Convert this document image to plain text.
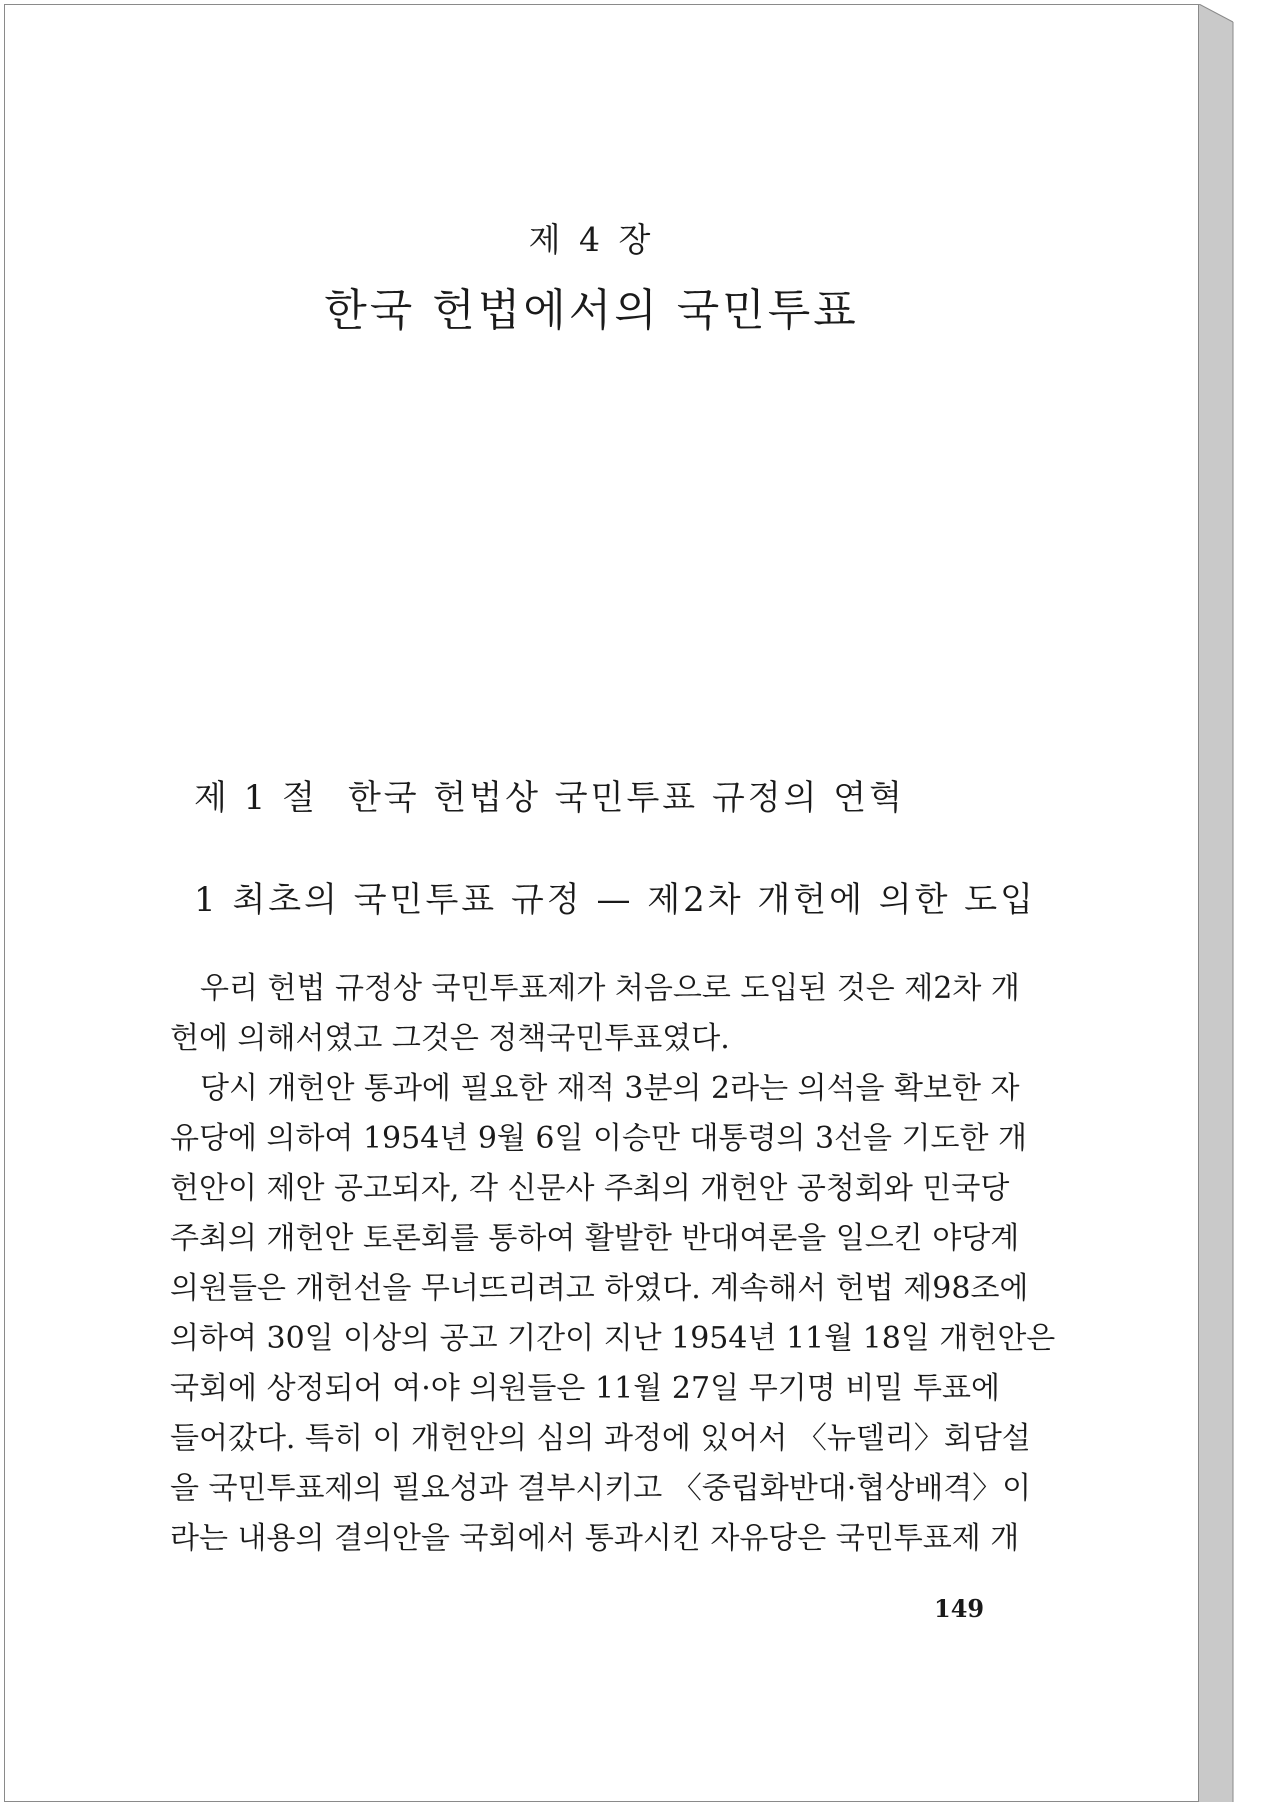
제 4 장
한국 헌법에서의 국민투표
제 1 절 한국 헌법상 국민투표 규정의 연혁
1 최초의 국민투표 규정 — 제2차 개헌에 의한 도입
우리 헌법 규정상 국민투표제가 처음으로 도입된 것은 제2차 개
헌에 의해서였고 그것은 정책국민투표였다.
당시 개헌안 통과에 필요한 재적 3분의 2라는 의석을 확보한 자
유당에 의하여 1954년 9월 6일 이승만 대통령의 3선을 기도한 개
헌안이 제안 공고되자, 각 신문사 주최의 개헌안 공청회와 민국당
주최의 개헌안 토론회를 통하여 활발한 반대여론을 일으킨 야당계
의원들은 개헌선을 무너뜨리려고 하였다. 계속해서 헌법 제98조에
의하여 30일 이상의 공고 기간이 지난 1954년 11월 18일 개헌안은
국회에 상정되어 여·야 의원들은 11월 27일 무기명 비밀 투표에
들어갔다. 특히 이 개헌안의 심의 과정에 있어서 〈뉴델리〉회담설
을 국민투표제의 필요성과 결부시키고 〈중립화반대·협상배격〉이
라는 내용의 결의안을 국회에서 통과시킨 자유당은 국민투표제 개
149
